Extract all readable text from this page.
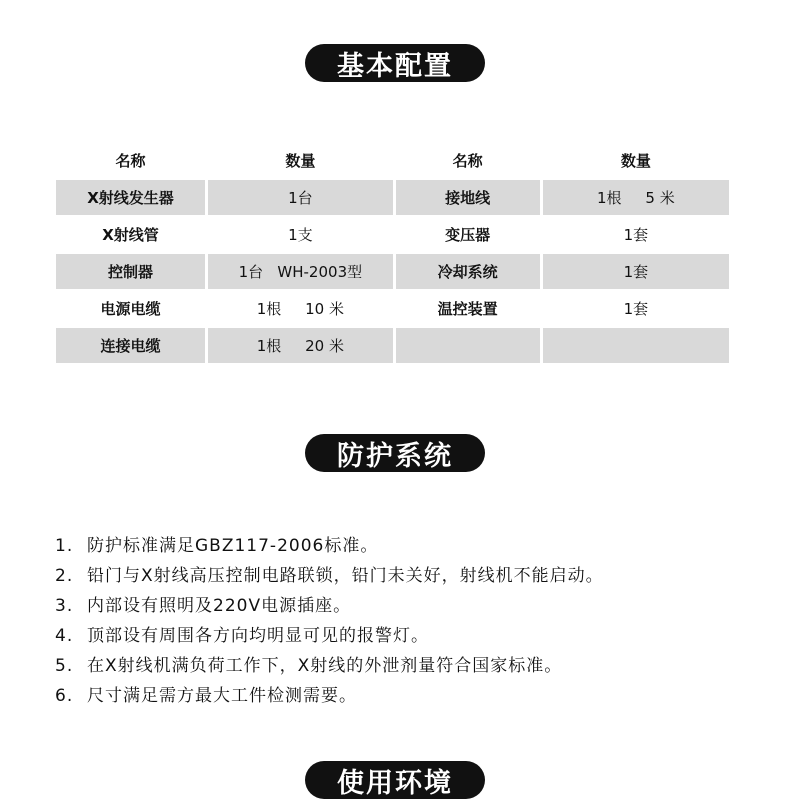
基本配置
名称	数量	名称	数量
X射线发生器	1台	接地线	1根     5 米
X射线管	1支	变压器	1套
控制器	1台   WH-2003型	冷却系统	1套
电源电缆	1根     10 米	温控装置	1套
连接电缆	1根     20 米		
防护系统
1. 防护标准满足GBZ117-2006标准。
2. 铅门与X射线高压控制电路联锁，铅门未关好，射线机不能启动。
3. 内部设有照明及220V电源插座。
4. 顶部设有周围各方向均明显可见的报警灯。
5. 在X射线机满负荷工作下，X射线的外泄剂量符合国家标准。
6. 尺寸满足需方最大工件检测需要。
使用环境
